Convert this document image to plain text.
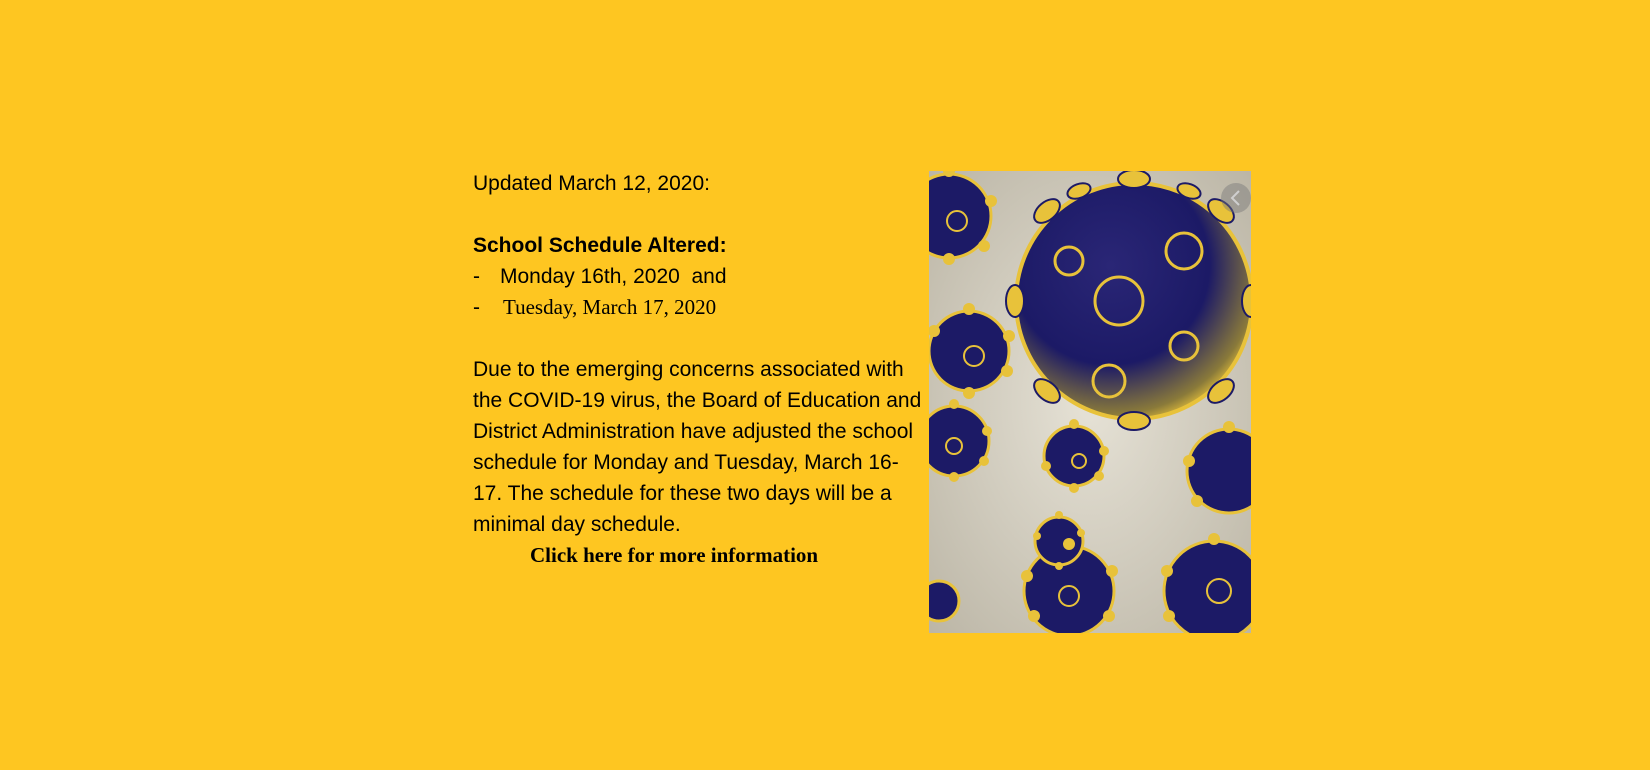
Updated March 12, 2020:

School Schedule Altered:

- Monday 16th, 2020  and
-	Tuesday, March 17, 2020

Due to the emerging concerns associated with the COVID-19 virus, the Board of Education and District Administration have adjusted the school schedule for Monday and Tuesday, March 16-17. The schedule for these two days will be a minimal day schedule.

Click here for more information
